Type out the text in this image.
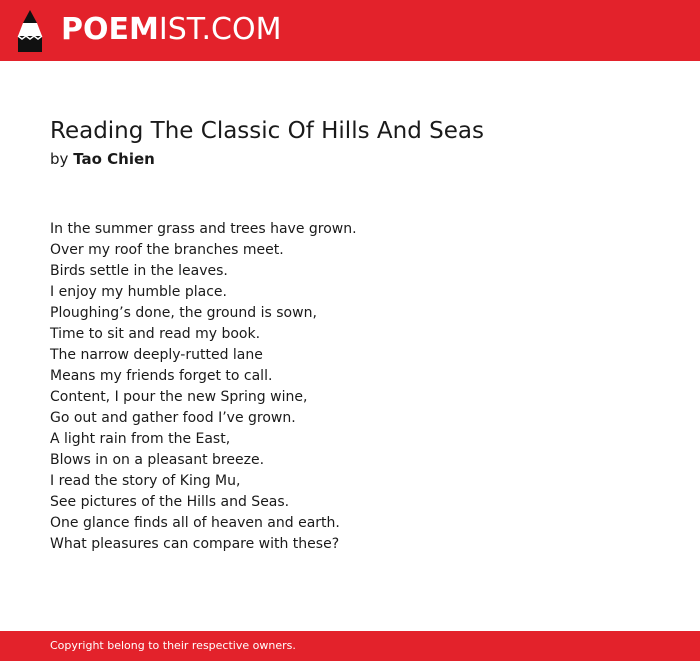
POEMIST.COM
Reading The Classic Of Hills And Seas
by Tao Chien
In the summer grass and trees have grown.
Over my roof the branches meet.
Birds settle in the leaves.
I enjoy my humble place.
Ploughing’s done, the ground is sown,
Time to sit and read my book.
The narrow deeply-rutted lane
Means my friends forget to call.
Content, I pour the new Spring wine,
Go out and gather food I’ve grown.
A light rain from the East,
Blows in on a pleasant breeze.
I read the story of King Mu,
See pictures of the Hills and Seas.
One glance finds all of heaven and earth.
What pleasures can compare with these?
Copyright belong to their respective owners.
